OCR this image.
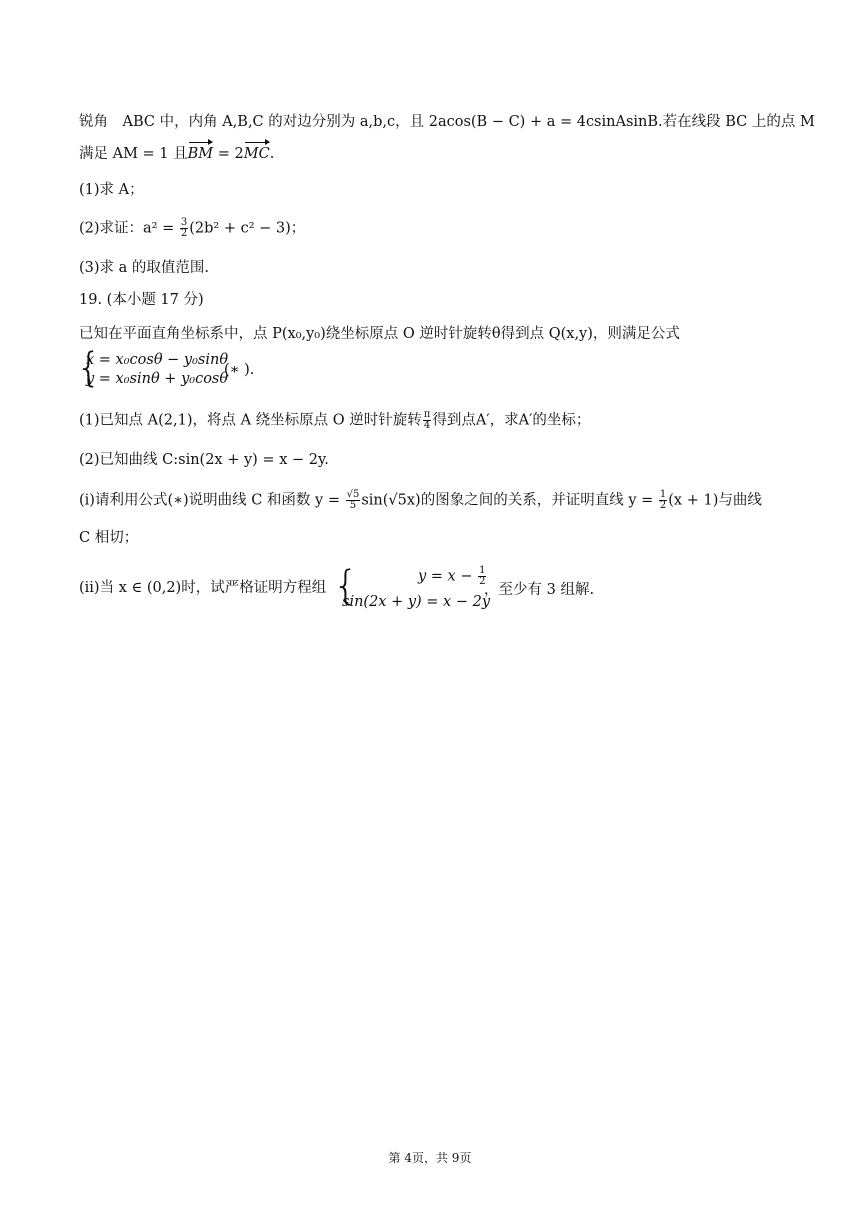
锐角　ABC 中，内角 A,B,C 的对边分别为 a,b,c，且 2acos(B − C) + a = 4csinAsinB.若在线段 BC 上的点 M
满足 AM = 1 且BM = 2MC.
(1)求 A；
(2)求证：$a^2 = \frac{3}{2} (2b^2 + c^2 - 3)$；
(3)求 a 的取值范围.
19. (本小题 17 分)
已知在平面直角坐标系中，点 P(x₀,y₀)绕坐标原点 O 逆时针旋转θ得到点 Q(x,y)，则满足公式
{
x = x₀cosθ − y₀sinθ
y = x₀sinθ + y₀cosθ
(∗ ).
(1)已知点 A(2,1)，将点 A 绕坐标原点 O 逆时针旋转 $\frac{\pi}{4}$ 得到点A′，求A′的坐标；
(2)已知曲线 C:sin(2x + y) = x − 2y.
(i)请利用公式(∗)说明曲线 C 和函数 $y = \frac{√5}{5} \sin(√5x)$的图象之间的关系，并证明直线 $y = \frac{1}{2} (x + 1)$与曲线
C 相切；
(ii)当 x ∈ (0,2)时，试严格证明方程组 {	$y = x - \frac{1}{2}$
sin(2x + y) = x − 2y
，至少有 3 组解.
第 4页，共 9页
